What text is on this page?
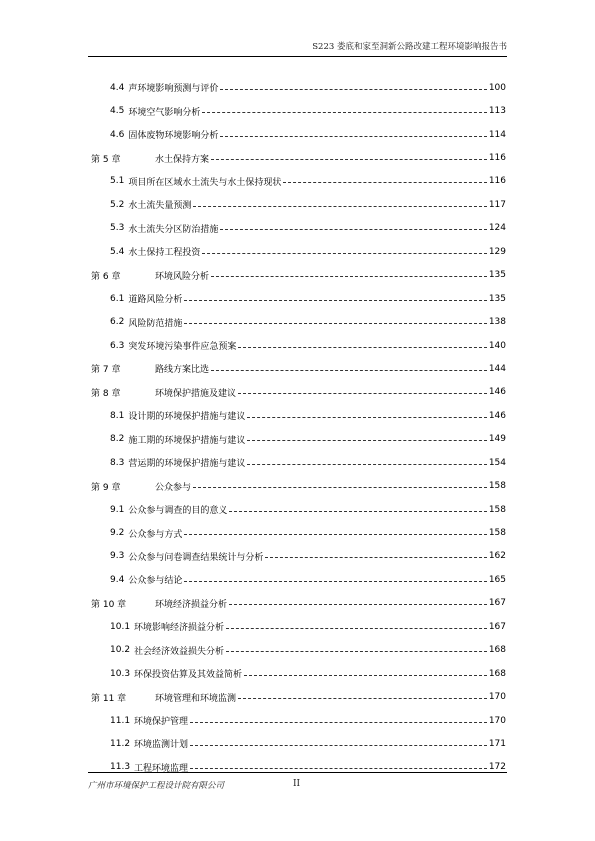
S223 娄底和家至洞新公路改建工程环境影响报告书
4.4 声环境影响预测与评价	100
4.5 环境空气影响分析	113
4.6 固体废物环境影响分析	114
第 5 章	水土保持方案	116
5.1 项目所在区域水土流失与水土保持现状	116
5.2 水土流失量预测	117
5.3 水土流失分区防治措施	124
5.4 水土保持工程投资	129
第 6 章	环境风险分析	135
6.1 道路风险分析	135
6.2 风险防范措施	138
6.3 突发环境污染事件应急预案	140
第 7 章	路线方案比选	144
第 8 章	环境保护措施及建议	146
8.1 设计期的环境保护措施与建议	146
8.2 施工期的环境保护措施与建议	149
8.3 营运期的环境保护措施与建议	154
第 9 章	公众参与	158
9.1 公众参与调查的目的意义	158
9.2 公众参与方式	158
9.3 公众参与问卷调查结果统计与分析	162
9.4 公众参与结论	165
第 10 章	环境经济损益分析	167
10.1 环境影响经济损益分析	167
10.2 社会经济效益损失分析	168
10.3 环保投资估算及其效益简析	168
第 11 章	环境管理和环境监测	170
11.1 环境保护管理	170
11.2 环境监测计划	171
11.3 工程环境监理	172
广州市环境保护工程设计院有限公司	II
